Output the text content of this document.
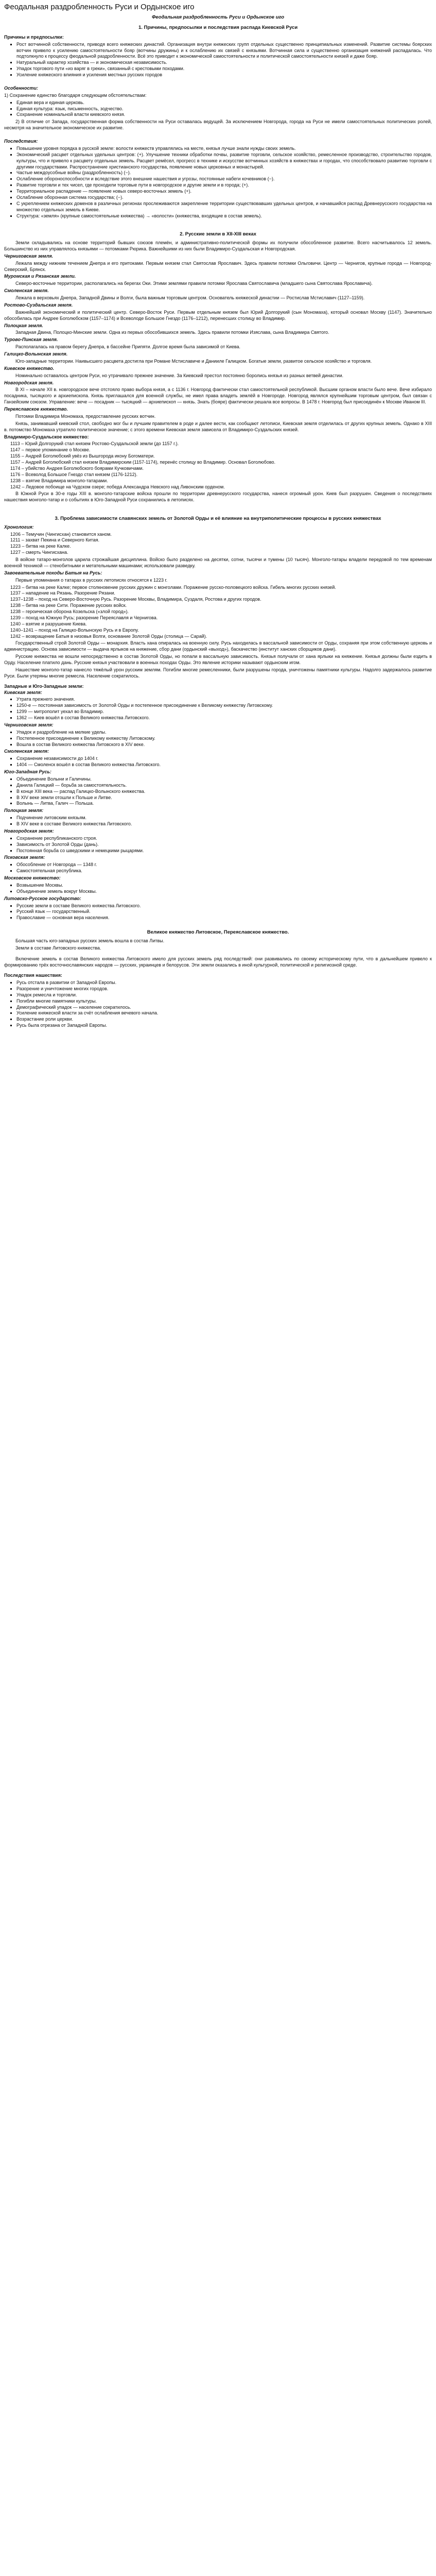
Феодальная раздробленность Руси и Ордынское иго
Феодальная раздробленность Руси и Ордынское иго
1. Причины, предпосылки и последствия распада Киевской Руси
Причины и предпосылки:
▪ Рост вотчинной собственности, приводя всего княжеских династий. Организация внутри княжеских групп отдельных существенно принципиальных изменений. Развитие системы боярских вотчин привело к усилению самостоятельности бояр (вотчины дружины) и к ослаблению их связей с князьями. Вотчинная сила и существенно организация княжений распадалась. Что подтолкнуло к процессу феодальной раздробленности. Всё это приводит к экономической самостоятельности и политической самостоятельности князей и даже бояр.
▪ Натуральный характер хозяйства — и экономическая независимость.
▪ Упадок торгового пути «из варяг в греки», связанный с крестовыми походами.
▪ Усиление княжеского влияния и усиления местных русских городов
Особенности:

1) Сохранение единство благодаря следующим обстоятельствам:

▪ Единая вера и единая церковь.
▪ Единая культура: язык, письменность, зодчество.
▪ Сохранение номинальной власти киевского князя.

2) В отличие от Запада, государственная форма собственности на Руси оставалась ведущей. За исключением Новгорода, города на Руси не имели самостоятельных политических ролей, несмотря на значительное экономическое их развитие.

Последствия:
▪ Повышение уровня порядка в русской земле: волости княжеств управлялись на месте, князья лучше знали нужды своих земель.
▪ Экономический расцвет отдельных удельных центров: (+). Улучшение техники обработки почвы, развитие торговли, сельское хозяйство, ремесленное производство, строительство городов, культуры, что и привело к расцвету отдельных земель. Расцвет ремёсел, прогресс в технике и искусстве вотчинных хозяйств в княжествах и городах, что способствовало развитию торговли с другими государствами. Распространение христианского государства, появление новых церковных и монастырей.
▪ Частые междоусобные войны (раздробленность) (−).
▪ Ослабление обороноспособности и вследствие этого внешние нашествия и угрозы, постоянные набеги кочевников (−).
▪ Развитие торговли и тех чисел, где проходили торговые пути в новгородское и другие земли и в города; (+).
▪ Территориальное распадение — появление новых северо-восточных земель (+).
▪ Ослабление оборонная система государства; (−).
▪ С укреплением княжеских доменов в различных регионах прослеживаются закрепление территории существовавших удельных центров, и начавшийся распад Древнерусского государства на множество отдельных земель в Киеве.
▪ Структура: «земля» (крупные самостоятельные княжества) → «волости» (княжества, входящие в состав земель).
2. Русские земли в XII-XIII веках

Земли складывались на основе территорий бывших союзов племён, и административно-политической формы их получили обособленное развитие. Всего насчитывалось 12 земель. Большинство из них управлялось князьями — потомками Рюрика. Важнейшими из них были Владимиро-Суздальская и Новгородская.

Черниговская земля.

Лежала между нижним течением Днепра и его притоками. Первым князем стал Святослав Ярославич. Здесь правили потомки Ольговичи. Центр — Чернигов, крупные города — Новгород-Северский, Брянск.

Муромская и Рязанская земли.

Северо-восточные территории, располагались на берегах Оки. Этими землями правили потомки Ярослава Святославича (младшего сына Святослава Ярославича).

Смоленская земля.

Лежала в верховьях Днепра, Западной Двины и Волги, была важным торговым центром. Основатель княжеской династии — Ростислав Мстиславич (1127–1159).

Ростово-Суздальская земля.

Важнейший экономический и политический центр. Северо-Восток Руси. Первым отдельным князем был Юрий Долгорукий (сын Мономаха), который основал Москву (1147). Значительно обособилась при Андрее Боголюбском (1157–1174) и Всеволоде Большое Гнездо (1176–1212), перенесших столицу во Владимир.

Полоцкая земля.

Западная Двина, Полоцко-Минские земли. Одна из первых обособившихся земель. Здесь правили потомки Изяслава, сына Владимира Святого.

Турово-Пинская земля.

Располагалась на правом берегу Днепра, в бассейне Припяти. Долгое время была зависимой от Киева.

Галицко-Волынская земля.

Юго-западные территории. Наивысшего расцвета достигла при Романе Мстиславиче и Данииле Галицком. Богатые земли, развитое сельское хозяйство и торговля.

Киевское княжество.

Номинально оставалось центром Руси, но утрачивало прежнее значение. За Киевский престол постоянно боролись князья из разных ветвей династии.

Новгородская земля.

В XI – начале XII в. новгородское вече отстояло право выбора князя, а с 1136 г. Новгород фактически стал самостоятельной республикой. Высшим органом власти было вече. Вече избирало посадника, тысяцкого и архиепископа. Князь приглашался для военной службы, не имел права владеть землёй в Новгороде. Новгород являлся крупнейшим торговым центром, был связан с Ганзейским союзом. Управление: вече — посадник — тысяцкий — архиепископ — князь. Знать (бояре) фактически решала все вопросы. В 1478 г. Новгород был присоединён к Москве Иваном III.

Переяславское княжество.

Потомки Владимира Мономаха, предоставление русских вотчин.

Князь, занимавший киевский стол, свободно мог бы и лучшим правителем в роде и далее вести, как сообщают летописи, Киевская земля отделилась от других крупных земель. Однако в XIII в. потомство Мономаха утратило политическое значение; с этого времени Киевская земля зависела от Владимиро-Суздальских князей.

Владимиро-Суздальское княжество:
1113 – Юрий Долгорукий стал князем Ростово-Суздальской земли (до 1157 г.).
1147 – первое упоминание о Москве.
1155 – Андрей Боголюбский увёз из Вышгорода икону Богоматери.
1157 – Андрей Боголюбский стал князем Владимирским (1157-1174), перенёс столицу во Владимир. Основал Боголюбово.
1174 – убийство Андрея Боголюбского боярами Кучковичами.
1176 – Всеволод Большое Гнездо стал князем (1176-1212).
1238 – взятие Владимира монголо-татарами.
1242 – Ледовое побоище на Чудском озере; победа Александра Невского над Ливонским орденом.

В Южной Руси в 30-е годы XIII в. монголо-татарские войска прошли по территории древнерусского государства, нанеся огромный урон. Киев был разрушен. Сведения о последствиях нашествия монголо-татар и о событиях в Юго-Западной Руси сохранились в летописях.

3. Проблема зависимости славянских земель от Золотой Орды и её влияние на внутриполитические процессы в русских княжествах
Хронология:
1206 – Темучин (Чингисхан) становится ханом.
1211 – захват Пекина и Северного Китая.
1223 – битва на реке Калке.
1227 – смерть Чингисхана.

В войске татаро-монголов царила строжайшая дисциплина. Войско было разделено на десятки, сотни, тысячи и тумены (10 тысяч). Монголо-татары владели передовой по тем временам военной техникой — стенобитными и метательными машинами; использовали разведку.

Завоевательные походы Батыя на Русь:

Первые упоминания о татарах в русских летописях относятся к 1223 г.

1223 – битва на реке Калке; первое столкновение русских дружин с монголами. Поражение русско-половецкого войска. Гибель многих русских князей.
1237 – нападение на Рязань. Разорение Рязани.
1237–1238 – поход на Северо-Восточную Русь. Разорение Москвы, Владимира, Суздаля, Ростова и других городов.
1238 – битва на реке Сити. Поражение русских войск.
1238 – героическая оборона Козельска («злой город»).
1239 – поход на Южную Русь; разорение Переяславля и Чернигова.
1240 – взятие и разрушение Киева.
1240–1241 – поход на Галицко-Волынскую Русь и в Европу.
1242 – возвращение Батыя в низовья Волги, основание Золотой Орды (столица — Сарай).

Государственный строй Золотой Орды — монархия. Власть хана опиралась на военную силу. Русь находилась в вассальной зависимости от Орды, сохраняя при этом собственную церковь и администрацию. Основа зависимости — выдача ярлыков на княжение, сбор дани (ордынский «выход»), баскачество (институт ханских сборщиков дани).

Русские княжества не вошли непосредственно в состав Золотой Орды, но попали в вассальную зависимость. Князья получали от хана ярлыки на княжение. Князья должны были ездить в Орду. Население платило дань. Русские князья участвовали в военных походах Орды. Это явление историки называют ордынским игом.

Нашествие монголо-татар нанесло тяжёлый урон русским землям. Погибли многие ремесленники, были разрушены города, уничтожены памятники культуры. Надолго задержалось развитие Руси. Были утеряны многие ремесла. Население сократилось.

Западные и Юго-Западные земли:
Киевская земля:
▪ Утрата прежнего значения.
▪ 1250-е — постоянная зависимость от Золотой Орды и постепенное присоединение к Великому княжеству Литовскому.
▪ 1299 — митрополит уехал во Владимир.
▪ 1362 — Киев вошёл в состав Великого княжества Литовского.
Черниговская земля:
▪ Упадок и раздробление на мелкие уделы.
▪ Постепенное присоединение к Великому княжеству Литовскому.
▪ Вошла в состав Великого княжества Литовского в XIV веке.
Смоленская земля:
▪ Сохранение независимости до 1404 г.
▪ 1404 — Смоленск вошёл в состав Великого княжества Литовского.
Юго-Западная Русь:
▪ Объединение Волыни и Галичины.
▪ Данила Галицкий — борьба за самостоятельность.
▪ В конце XIII века — распад Галицко-Волынского княжества.
▪ В XIV веке земли отошли к Польше и Литве.
▪ Волынь — Литва, Галич — Польша.
Полоцкая земля:
▪ Подчинение литовским князьям.
▪ В XIV веке в составе Великого княжества Литовского.
Новгородская земля:
▪ Сохранение республиканского строя.
▪ Зависимость от Золотой Орды (дань).
▪ Постоянная борьба со шведскими и немецкими рыцарями.
Псковская земля:
▪ Обособление от Новгорода — 1348 г.
▪ Самостоятельная республика.
Московское княжество:
▪ Возвышение Москвы.
▪ Объединение земель вокруг Москвы.
Литовско-Русское государство:
▪ Русские земли в составе Великого княжества Литовского.
▪ Русский язык — государственный.
▪ Православие — основная вера населения.
Великое княжество Литовское, Переяславское княжество.

Большая часть юго-западных русских земель вошла в состав Литвы.

Земли в составе Литовского княжества.

Включение земель в состав Великого княжества Литовского имело для русских земель ряд последствий: они развивались по своему историческому пути, что в дальнейшем привело к формированию трёх восточнославянских народов — русских, украинцев и белорусов. Эти земли оказались в иной культурной, политической и религиозной среде.

Последствия нашествия:
▪ Русь отстала в развитии от Западной Европы.
▪ Разорение и уничтожение многих городов.
▪ Упадок ремесла и торговли.
▪ Погибли многие памятники культуры.
▪ Демографический упадок — население сократилось.
▪ Усиление княжеской власти за счёт ослабления вечевого начала.
▪ Возрастание роли церкви.
▪ Русь была отрезана от Западной Европы.
